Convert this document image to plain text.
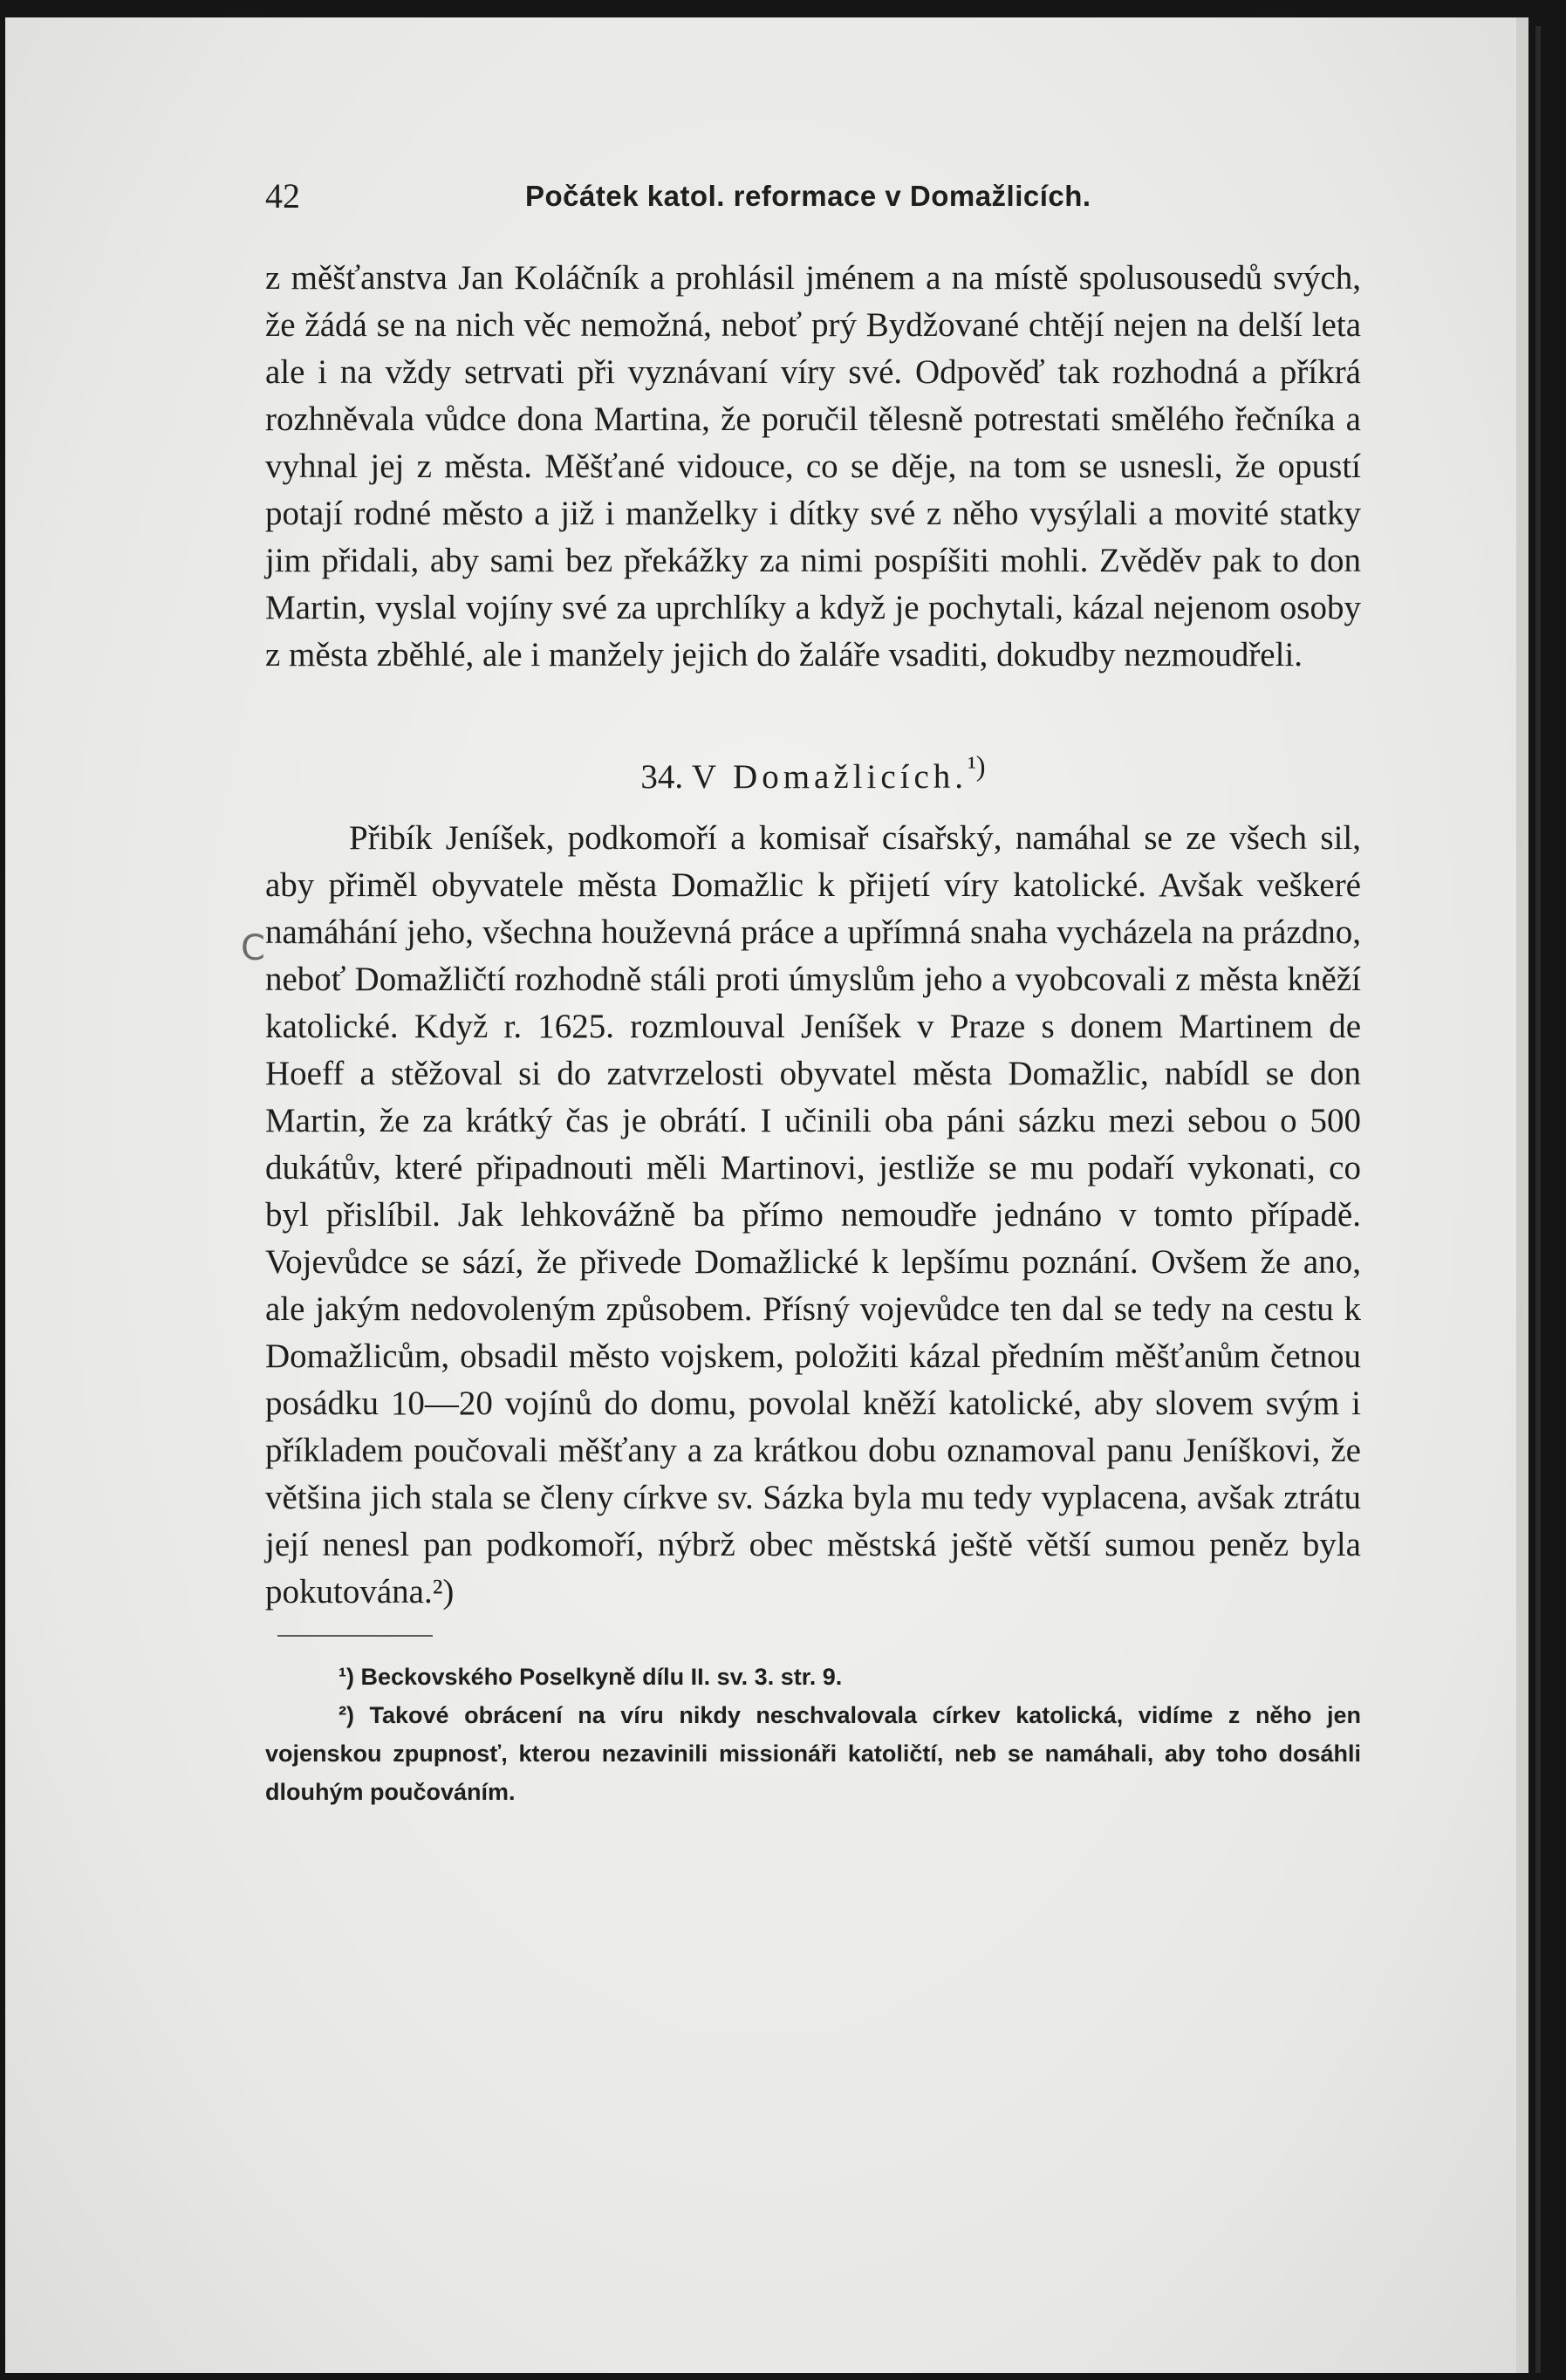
C
42	Počátek katol. reformace v Domažlicích.

z měšťanstva Jan Koláčník a prohlásil jménem a na místě spolusousedů svých, že žádá se na nich věc nemožná, neboť prý Bydžované chtějí nejen na delší leta ale i na vždy setrvati při vyznávaní víry své. Odpověď tak rozhodná a příkrá rozhněvala vůdce dona Martina, že poručil tělesně potrestati smělého řečníka a vyhnal jej z města. Měšťané vidouce, co se děje, na tom se usnesli, že opustí potají rodné město a již i manželky i dítky své z něho vysýlali a movité statky jim přidali, aby sami bez překážky za nimi pospíšiti mohli. Zvěděv pak to don Martin, vyslal vojíny své za uprchlíky a když je pochytali, kázal nejenom osoby z města zběhlé, ale i manžely jejich do žaláře vsaditi, dokudby nezmoudřeli.

34. V Domažlicích.$^{^1)}$

Přibík Jeníšek, podkomoří a komisař císařský, namáhal se ze všech sil, aby přiměl obyvatele města Domažlic k přijetí víry katolické. Avšak veškeré namáhání jeho, všechna houževná práce a upřímná snaha vycházela na prázdno, neboť Domažličtí rozhodně stáli proti úmyslům jeho a vyobcovali z města kněží katolické. Když r. 1625. rozmlouval Jeníšek v Praze s donem Martinem de Hoeff a stěžoval si do zatvrzelosti obyvatel města Domažlic, nabídl se don Martin, že za krátký čas je obrátí. I učinili oba páni sázku mezi sebou o 500 dukátův, které připadnouti měli Martinovi, jestliže se mu podaří vykonati, co byl přislíbil. Jak lehkovážně ba přímo nemoudře jednáno v tomto případě. Vojevůdce se sází, že přivede Domažlické k lepšímu poznání. Ovšem že ano, ale jakým nedovoleným způsobem. Přísný vojevůdce ten dal se tedy na cestu k Domažlicům, obsadil město vojskem, položiti kázal předním měšťanům četnou posádku 10—20 vojínů do domu, povolal kněží katolické, aby slovem svým i příkladem poučovali měšťany a za krátkou dobu oznamoval panu Jeníškovi, že většina jich stala se členy církve sv. Sázka byla mu tedy vyplacena, avšak ztrátu její nenesl pan podkomoří, nýbrž obec městská ještě větší sumou peněz byla pokutována.²)

¹) Beckovského Poselkyně dílu II. sv. 3. str. 9.

²) Takové obrácení na víru nikdy neschvalovala církev katolická, vidíme z něho jen vojenskou zpupnosť, kterou nezavinili missionáři katoličtí, neb se namáhali, aby toho dosáhli dlouhým poučováním.
